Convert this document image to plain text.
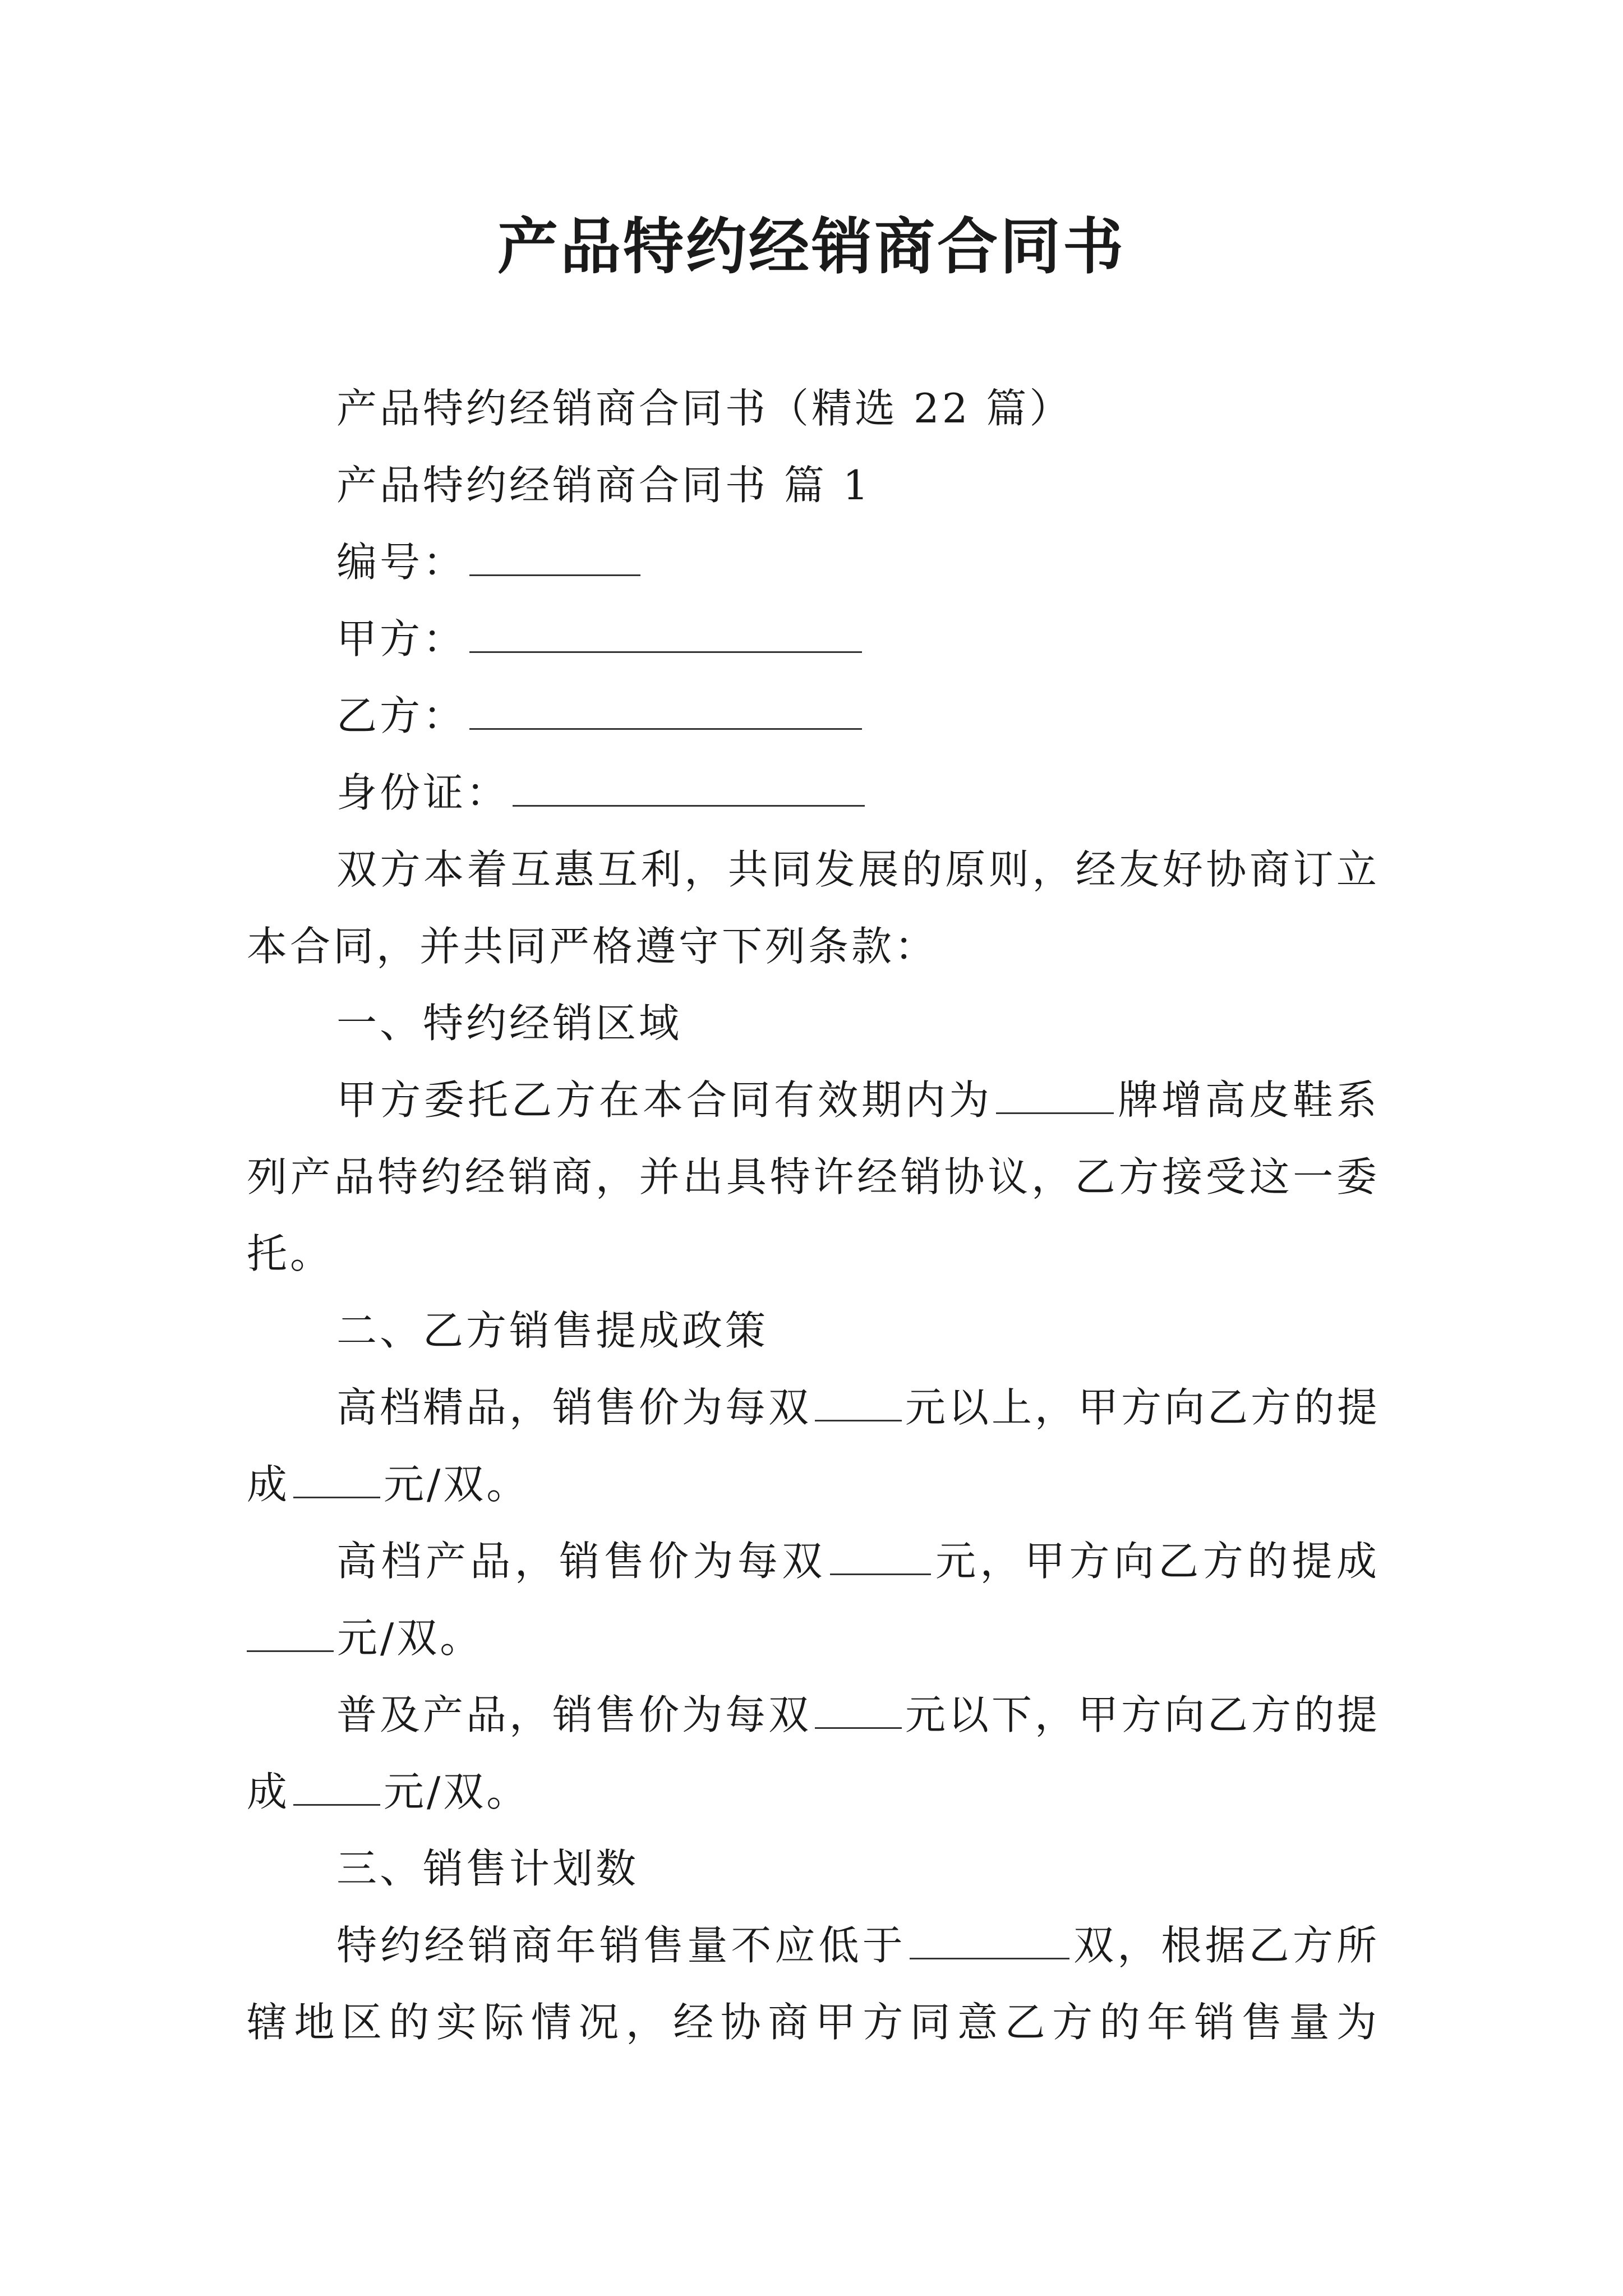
产品特约经销商合同书
产品特约经销商合同书（精选 22 篇）
产品特约经销商合同书 篇 1
编号：
甲方：
乙方：
身份证：
双方本着互惠互利，共同发展的原则，经友好协商订立
本合同，并共同严格遵守下列条款：
一、特约经销区域
甲方委托乙方在本合同有效期内为	牌增高皮鞋系
列产品特约经销商，并出具特许经销协议，乙方接受这一委
托。
二、乙方销售提成政策
高档精品，销售价为每双 元以上，甲方向乙方的提
成 元/双。
高档产品，销售价为每双	元，甲方向乙方的提成
元/双。
普及产品，销售价为每双 元以下，甲方向乙方的提
成 元/双。
三、销售计划数
特约经销商年销售量不应低于	双，根据乙方所
辖地区的实际情况，经协商甲方同意乙方的年销售量为
